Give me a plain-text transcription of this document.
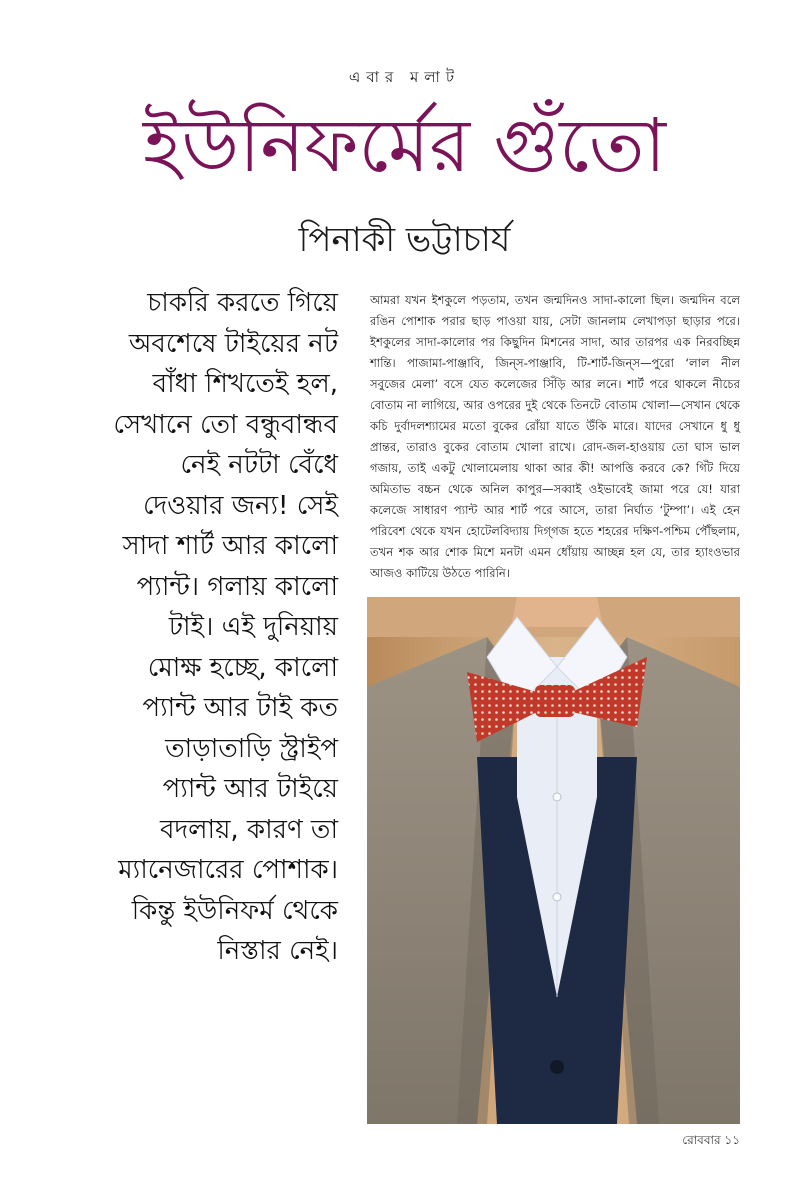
এবার মলাট
ইউনিফর্মের গুঁতো
পিনাকী ভট্টাচার্য
চাকরি করতে গিয়ে
অবশেষে টাইয়ের নট
বাঁধা শিখতেই হল,
সেখানে তো বন্ধুবান্ধব
নেই নটটা বেঁধে
দেওয়ার জন্য! সেই
সাদা শার্ট আর কালো
প্যান্ট। গলায় কালো
টাই। এই দুনিয়ায়
মোক্ষ হচ্ছে, কালো
প্যান্ট আর টাই কত
তাড়াতাড়ি স্ট্রাইপ
প্যান্ট আর টাইয়ে
বদলায়, কারণ তা
ম্যানেজারের পোশাক।
কিন্তু ইউনিফর্ম থেকে
নিস্তার নেই।
আমরা যখন ইশকুলে পড়তাম, তখন জন্মদিনও সাদা-কালো ছিল। জন্মদিন বলে রঙিন পোশাক পরার ছাড় পাওয়া যায়, সেটা জানলাম লেখাপড়া ছাড়ার পরে। ইশকুলের সাদা-কালোর পর কিছুদিন মিশনের সাদা, আর তারপর এক নিরবচ্ছিন্ন শান্তি। পাজামা-পাঞ্জাবি, জিন্‌স-পাঞ্জাবি, টি-শার্ট-জিন্‌স—পুরো ‘লাল নীল সবুজের মেলা’ বসে যেত কলেজের সিঁড়ি আর লনে। শার্ট পরে থাকলে নীচের বোতাম না লাগিয়ে, আর ওপরের দুই থেকে তিনটে বোতাম খোলা—সেখান থেকে কচি দুর্বাদলশ্যামের মতো বুকের রোঁয়া যাতে উঁকি মারে। যাদের সেখানে ধু ধু প্রান্তর, তারাও বুকের বোতাম খোলা রাখে। রোদ-জল-হাওয়ায় তো ঘাস ভাল গজায়, তাই একটু খোলামেলায় থাকা আর কী! আপত্তি করবে কে? গিঁট দিয়ে অমিতাভ বচ্চন থেকে অনিল কাপুর—সব্বাই ওইভাবেই জামা পরে যে! যারা কলেজে সাধারণ প্যান্ট আর শার্ট পরে আসে, তারা নির্ঘাত ‘টুম্পা’। এই হেন পরিবেশ থেকে যখন হোটেলবিদ্যায় দিগ্‌গজ হতে শহরের দক্ষিণ-পশ্চিম পৌঁছলাম, তখন শক আর শোক মিশে মনটা এমন ধোঁয়ায় আচ্ছন্ন হল যে, তার হ্যাংওভার আজও কাটিয়ে উঠতে পারিনি।
রোববার ১১
